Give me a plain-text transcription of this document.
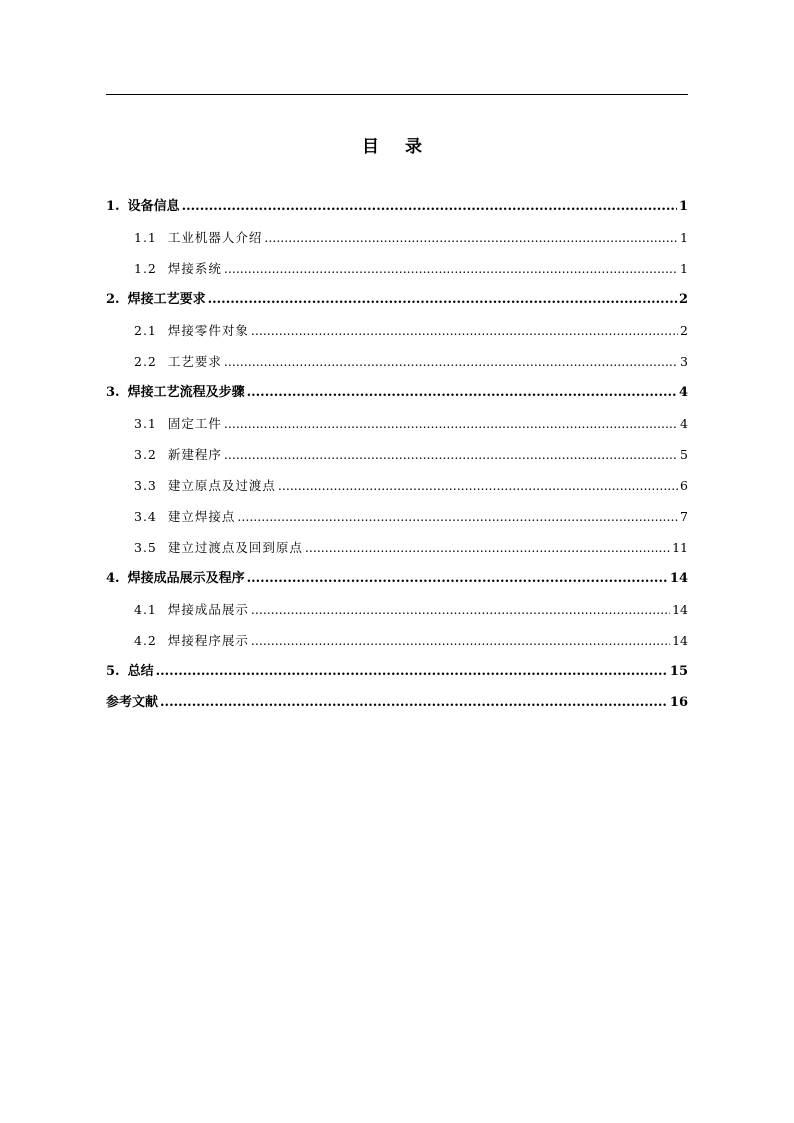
目 录
1. 设备信息 .....	1
1.1 工业机器人介绍 .....	1
1.2 焊接系统 .....	1
2. 焊接工艺要求 .....	2
2.1 焊接零件对象 .....	2
2.2 工艺要求 .....	3
3. 焊接工艺流程及步骤 .....	4
3.1 固定工件 .....	4
3.2 新建程序 .....	5
3.3 建立原点及过渡点 .....	6
3.4 建立焊接点 .....	7
3.5 建立过渡点及回到原点 .....	11
4. 焊接成品展示及程序 .....	14
4.1 焊接成品展示 .....	14
4.2 焊接程序展示 .....	14
5. 总结 .....	15
参考文献 .....	16
